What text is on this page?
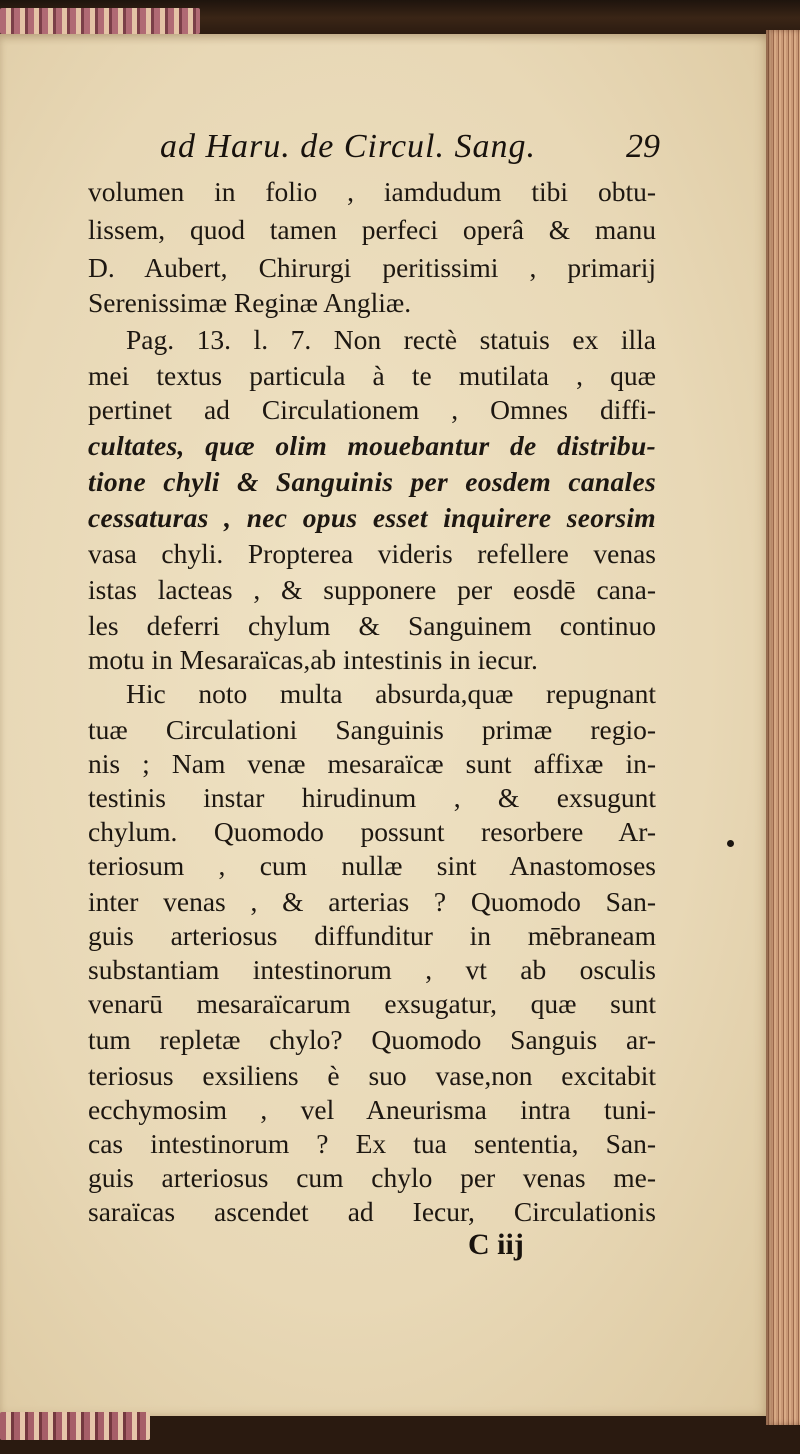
ad Haru. de Circul. Sang.	29
volumen in folio , iamdudum tibi obtu-
lissem, quod tamen perfeci operâ & manu
D. Aubert, Chirurgi peritissimi , primarij
Serenissimæ Reginæ Angliæ.
Pag. 13. l. 7. Non rectè statuis ex illa
mei textus particula à te mutilata , quæ
pertinet ad Circulationem , Omnes diffi-
cultates, quæ olim mouebantur de distribu-
tione chyli & Sanguinis per eosdem canales
cessaturas , nec opus esset inquirere seorsim
vasa chyli. Propterea videris refellere venas
istas lacteas , & supponere per eosdē cana-
les deferri chylum & Sanguinem continuo
motu in Mesaraïcas,ab intestinis in iecur.
Hic noto multa absurda,quæ repugnant
tuæ Circulationi Sanguinis primæ regio-
nis ; Nam venæ mesaraïcæ sunt affixæ in-
testinis instar hirudinum , & exsugunt
chylum. Quomodo possunt resorbere Ar-
teriosum , cum nullæ sint Anastomoses
inter venas , & arterias ? Quomodo San-
guis arteriosus diffunditur in mēbraneam
substantiam intestinorum , vt ab osculis
venarū mesaraïcarum exsugatur, quæ sunt
tum repletæ chylo? Quomodo Sanguis ar-
teriosus exsiliens è suo vase,non excitabit
ecchymosim , vel Aneurisma intra tuni-
cas intestinorum ? Ex tua sententia, San-
guis arteriosus cum chylo per venas me-
saraïcas ascendet ad Iecur, Circulationis
C iij
